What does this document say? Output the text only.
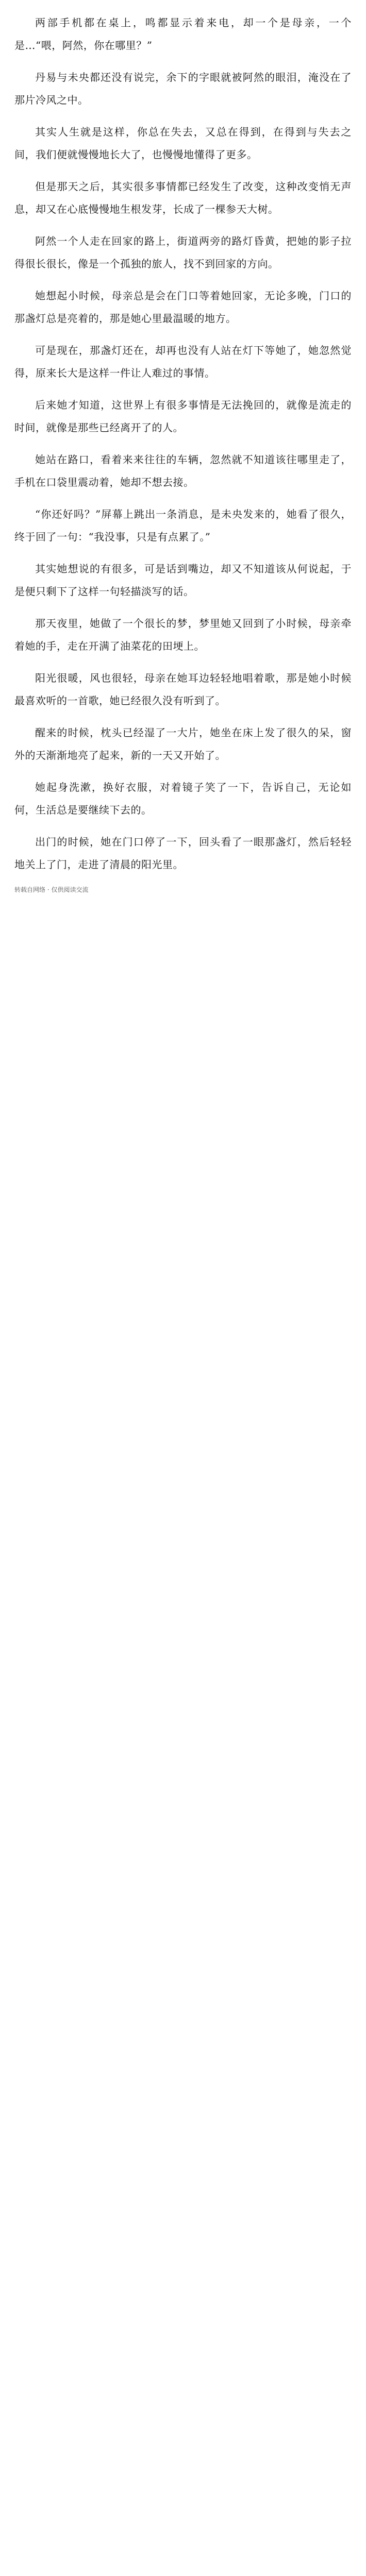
两部手机都在桌上，鸣都显示着来电，却一个是母亲，一个是…“喂，阿然，你在哪里？”

丹易与未央都还没有说完，余下的字眼就被阿然的眼泪，淹没在了那片冷风之中。

其实人生就是这样，你总在失去，又总在得到，在得到与失去之间，我们便就慢慢地长大了，也慢慢地懂得了更多。

但是那天之后，其实很多事情都已经发生了改变，这种改变悄无声息，却又在心底慢慢地生根发芽，长成了一棵参天大树。

阿然一个人走在回家的路上，街道两旁的路灯昏黄，把她的影子拉得很长很长，像是一个孤独的旅人，找不到回家的方向。

她想起小时候，母亲总是会在门口等着她回家，无论多晚，门口的那盏灯总是亮着的，那是她心里最温暖的地方。

可是现在，那盏灯还在，却再也没有人站在灯下等她了，她忽然觉得，原来长大是这样一件让人难过的事情。

后来她才知道，这世界上有很多事情是无法挽回的，就像是流走的时间，就像是那些已经离开了的人。

她站在路口，看着来来往往的车辆，忽然就不知道该往哪里走了，手机在口袋里震动着，她却不想去接。

“你还好吗？”屏幕上跳出一条消息，是未央发来的，她看了很久，终于回了一句：“我没事，只是有点累了。”

其实她想说的有很多，可是话到嘴边，却又不知道该从何说起，于是便只剩下了这样一句轻描淡写的话。

那天夜里，她做了一个很长的梦，梦里她又回到了小时候，母亲牵着她的手，走在开满了油菜花的田埂上。

阳光很暖，风也很轻，母亲在她耳边轻轻地唱着歌，那是她小时候最喜欢听的一首歌，她已经很久没有听到了。

醒来的时候，枕头已经湿了一大片，她坐在床上发了很久的呆，窗外的天渐渐地亮了起来，新的一天又开始了。

她起身洗漱，换好衣服，对着镜子笑了一下，告诉自己，无论如何，生活总是要继续下去的。

出门的时候，她在门口停了一下，回头看了一眼那盏灯，然后轻轻地关上了门，走进了清晨的阳光里。

转载自网络 · 仅供阅读交流
